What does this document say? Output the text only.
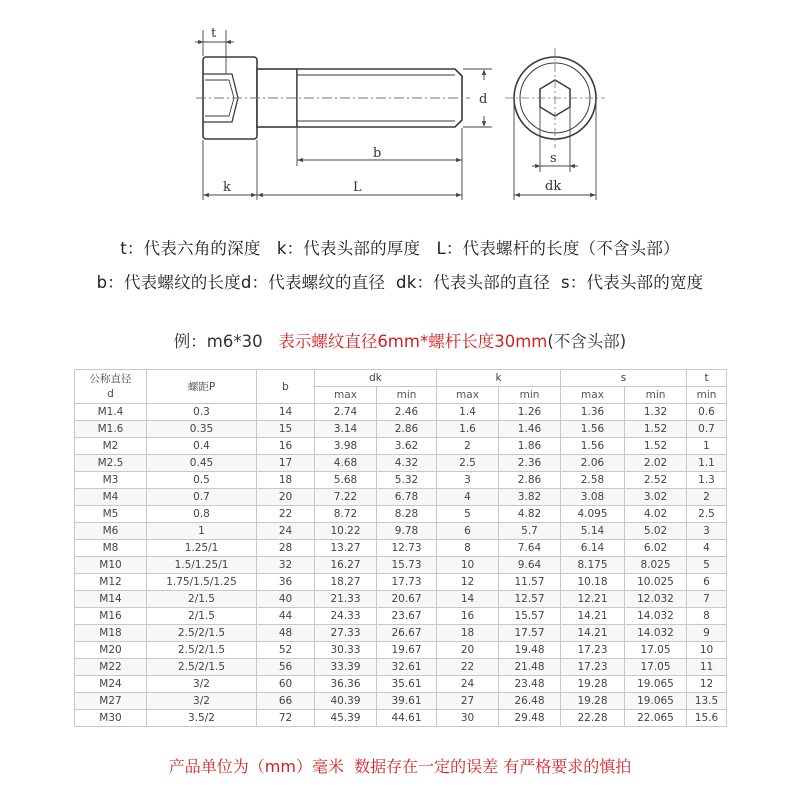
t
d
b
k	L
s
dk
t：代表六角的深度   k：代表头部的厚度   L：代表螺杆的长度（不含头部）
b：代表螺纹的长度d：代表螺纹的直径  dk：代表头部的直径  s：代表头部的宽度
例：m6*30   表示螺纹直径6mm*螺杆长度30mm(不含头部)
公称直径
d	螺距P	b	dk		k		s		t
			max	min	max	min	max	min	min
M1.4	0.3	14	2.74	2.46	1.4	1.26	1.36	1.32	0.6
M1.6	0.35	15	3.14	2.86	1.6	1.46	1.56	1.52	0.7
M2	0.4	16	3.98	3.62	2	1.86	1.56	1.52	1
M2.5	0.45	17	4.68	4.32	2.5	2.36	2.06	2.02	1.1
M3	0.5	18	5.68	5.32	3	2.86	2.58	2.52	1.3
M4	0.7	20	7.22	6.78	4	3.82	3.08	3.02	2
M5	0.8	22	8.72	8.28	5	4.82	4.095	4.02	2.5
M6	1	24	10.22	9.78	6	5.7	5.14	5.02	3
M8	1.25/1	28	13.27	12.73	8	7.64	6.14	6.02	4
M10	1.5/1.25/1	32	16.27	15.73	10	9.64	8.175	8.025	5
M12	1.75/1.5/1.25	36	18.27	17.73	12	11.57	10.18	10.025	6
M14	2/1.5	40	21.33	20.67	14	12.57	12.21	12.032	7
M16	2/1.5	44	24.33	23.67	16	15.57	14.21	14.032	8
M18	2.5/2/1.5	48	27.33	26.67	18	17.57	14.21	14.032	9
M20	2.5/2/1.5	52	30.33	19.67	20	19.48	17.23	17.05	10
M22	2.5/2/1.5	56	33.39	32.61	22	21.48	17.23	17.05	11
M24	3/2	60	36.36	35.61	24	23.48	19.28	19.065	12
M27	3/2	66	40.39	39.61	27	26.48	19.28	19.065	13.5
M30	3.5/2	72	45.39	44.61	30	29.48	22.28	22.065	15.6
产品单位为（mm）毫米  数据存在一定的误差 有严格要求的慎拍
